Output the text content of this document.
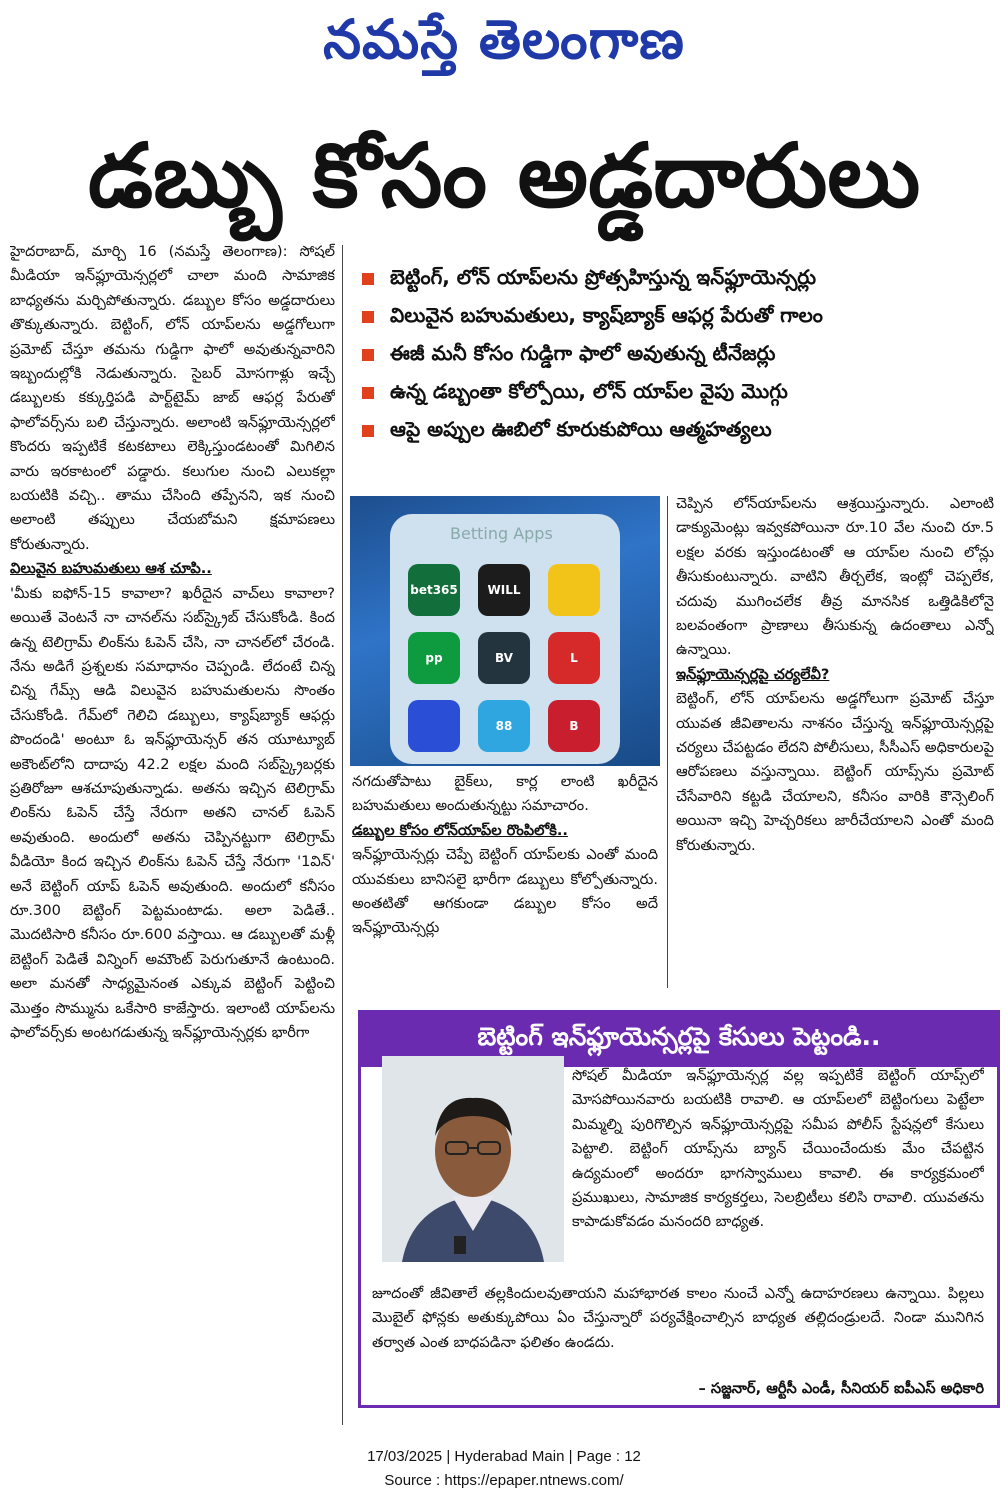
నమస్తే తెలంగాణ
డబ్బు కోసం అడ్డదారులు
బెట్టింగ్, లోన్ యాప్‌లను ప్రోత్సహిస్తున్న ఇన్‌ఫ్లూయెన్సర్లు
విలువైన బహుమతులు, క్యాష్‌బ్యాక్ ఆఫర్ల పేరుతో గాలం
ఈజీ మనీ కోసం గుడ్డిగా ఫాలో అవుతున్న టీనేజర్లు
ఉన్న డబ్బంతా కోల్పోయి, లోన్ యాప్‌ల వైపు మొగ్గు
ఆపై అప్పుల ఊబిలో కూరుకుపోయి ఆత్మహత్యలు

హైదరాబాద్, మార్చి 16 (నమస్తే తెలంగాణ): సోషల్ మీడియా ఇన్‌ఫ్లూయెన్సర్లలో చాలా మంది సామాజిక బాధ్యతను మర్చిపోతున్నారు. డబ్బుల కోసం అడ్డదారులు తొక్కుతున్నారు. బెట్టింగ్, లోన్ యాప్‌లను అడ్డగోలుగా ప్రమోట్ చేస్తూ తమను గుడ్డిగా ఫాలో అవుతున్నవారిని ఇబ్బందుల్లోకి నెడుతున్నారు. సైబర్ మోసగాళ్లు ఇచ్చే డబ్బులకు కక్కుర్తిపడి పార్ట్‌టైమ్ జాబ్ ఆఫర్ల పేరుతో ఫాలోవర్స్‌ను బలి చేస్తున్నారు. అలాంటి ఇన్‌ఫ్లూయెన్సర్లలో కొందరు ఇప్పటికే కటకటాలు లెక్కిస్తుండటంతో మిగిలిన వారు ఇరకాటంలో పడ్డారు. కలుగుల నుంచి ఎలుకల్లా బయటికి వచ్చి.. తాము చేసింది తప్పేనని, ఇక నుంచి అలాంటి తప్పులు చేయబోమని క్షమాపణలు కోరుతున్నారు.

విలువైన బహుమతులు ఆశ చూపి..

'మీకు ఐఫోన్-15 కావాలా? ఖరీదైన వాచ్‌లు కావాలా? అయితే వెంటనే నా చానల్‌ను సబ్‌స్క్రైబ్ చేసుకోండి. కింద ఉన్న టెలిగ్రామ్ లింక్‌ను ఓపెన్ చేసి, నా చానల్‌లో చేరండి. నేను అడిగే ప్రశ్నలకు సమాధానం చెప్పండి. లేదంటే చిన్న చిన్న గేమ్స్ ఆడి విలువైన బహుమతులను సొంతం చేసుకోండి. గేమ్‌లో గెలిచి డబ్బులు, క్యాష్‌బ్యాక్ ఆఫర్లు పొందండి' అంటూ ఓ ఇన్‌ఫ్లూయెన్సర్ తన యూట్యూబ్ అకౌంట్‌లోని దాదాపు 42.2 లక్షల మంది సబ్‌స్క్రైబర్లకు ప్రతిరోజూ ఆశచూపుతున్నాడు. అతను ఇచ్చిన టెలిగ్రామ్ లింక్‌ను ఓపెన్ చేస్తే నేరుగా అతని చానల్ ఓపెన్ అవుతుంది. అందులో అతను చెప్పినట్టుగా టెలిగ్రామ్ వీడియో కింద ఇచ్చిన లింక్‌ను ఓపెన్ చేస్తే నేరుగా '1విన్' అనే బెట్టింగ్ యాప్ ఓపెన్ అవుతుంది. అందులో కనీసం రూ.300 బెట్టింగ్ పెట్టమంటాడు. అలా పెడితే.. మొదటిసారి కనీసం రూ.600 వస్తాయి. ఆ డబ్బులతో మళ్లీ బెట్టింగ్ పెడితే విన్నింగ్ అమౌంట్ పెరుగుతూనే ఉంటుంది. అలా మనతో సాధ్యమైనంత ఎక్కువ బెట్టింగ్ పెట్టించి మొత్తం సొమ్మును ఒకేసారి కాజేస్తారు. ఇలాంటి యాప్‌లను ఫాలోవర్స్‌కు అంటగడుతున్న ఇన్‌ఫ్లూయెన్సర్లకు భారీగా

Betting Apps
bet365	WILL
pp	BV	L
88	B

నగదుతోపాటు బైక్‌లు, కార్ల లాంటి ఖరీదైన బహుమతులు అందుతున్నట్టు సమాచారం.

డబ్బుల కోసం లోన్‌యాప్‌ల రొంపిలోకి..

ఇన్‌ఫ్లూయెన్సర్లు చెప్పే బెట్టింగ్ యాప్‌లకు ఎంతో మంది యువకులు బానిసలై భారీగా డబ్బులు కోల్పోతున్నారు. అంతటితో ఆగకుండా డబ్బుల కోసం అదే ఇన్‌ఫ్లూయెన్సర్లు

చెప్పిన లోన్‌యాప్‌లను ఆశ్రయిస్తున్నారు. ఎలాంటి డాక్యుమెంట్లు ఇవ్వకపోయినా రూ.10 వేల నుంచి రూ.5 లక్షల వరకు ఇస్తుండటంతో ఆ యాప్‌ల నుంచి లోన్లు తీసుకుంటున్నారు. వాటిని తీర్చలేక, ఇంట్లో చెప్పలేక, చదువు ముగించలేక తీవ్ర మానసిక ఒత్తిడికిలోనై బలవంతంగా ప్రాణాలు తీసుకున్న ఉదంతాలు ఎన్నో ఉన్నాయి.

ఇన్‌ఫ్లూయెన్సర్లపై చర్యలేవీ?

బెట్టింగ్, లోన్ యాప్‌లను అడ్డగోలుగా ప్రమోట్ చేస్తూ యువత జీవితాలను నాశనం చేస్తున్న ఇన్‌ఫ్లూయెన్సర్లపై చర్యలు చేపట్టడం లేదని పోలీసులు, సీసీఎస్ అధికారులపై ఆరోపణలు వస్తున్నాయి. బెట్టింగ్ యాప్స్‌ను ప్రమోట్ చేసేవారిని కట్టడి చేయాలని, కనీసం వారికి కౌన్సెలింగ్ అయినా ఇచ్చి హెచ్చరికలు జారీచేయాలని ఎంతో మంది కోరుతున్నారు.

బెట్టింగ్ ఇన్‌ఫ్లూయెన్సర్లపై కేసులు పెట్టండి..

సోషల్ మీడియా ఇన్‌ఫ్లూయెన్సర్ల వల్ల ఇప్పటికే బెట్టింగ్ యాప్స్‌లో మోసపోయినవారు బయటికి రావాలి. ఆ యాప్‌లలో బెట్టింగులు పెట్టేలా మిమ్మల్ని పురిగొల్పిన ఇన్‌ఫ్లూయెన్సర్లపై సమీప పోలీస్ స్టేషన్లలో కేసులు పెట్టాలి. బెట్టింగ్ యాప్స్‌ను బ్యాన్ చేయించేందుకు మేం చేపట్టిన ఉద్యమంలో అందరూ భాగస్వాములు కావాలి. ఈ కార్యక్రమంలో ప్రముఖులు, సామాజిక కార్యకర్తలు, సెలబ్రిటీలు కలిసి రావాలి. యువతను కాపాడుకోవడం మనందరి బాధ్యత.

జూదంతో జీవితాలే తల్లకిందులవుతాయని మహాభారత కాలం నుంచే ఎన్నో ఉదాహరణలు ఉన్నాయి. పిల్లలు మొబైల్ ఫోన్లకు అతుక్కుపోయి ఏం చేస్తున్నారో పర్యవేక్షించాల్సిన బాధ్యత తల్లిదండ్రులదే. నిండా మునిగిన తర్వాత ఎంత బాధపడినా ఫలితం ఉండదు.

– సజ్జనార్, ఆర్టీసీ ఎండీ, సీనియర్ ఐపీఎస్ అధికారి
17/03/2025 | Hyderabad Main | Page : 12
Source : https://epaper.ntnews.com/
